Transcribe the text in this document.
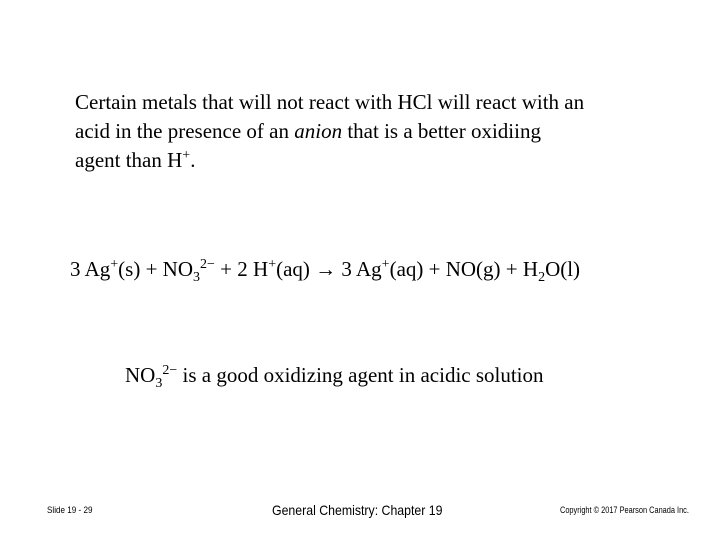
Certain metals that will not react with HCl will react with an
acid in the presence of an anion that is a better oxidiing
agent than H+.
3 $Ag^+(s) + NO_3^{2-} + 2$ H+(aq) → 3 $Ag^+(aq) + NO(g) + H_2O(l)$
$NO_3^{2-}$ is a good oxidizing agent in acidic solution
Slide 19 - 29	General Chemistry: Chapter 19	Copyright © 2017 Pearson Canada Inc.
